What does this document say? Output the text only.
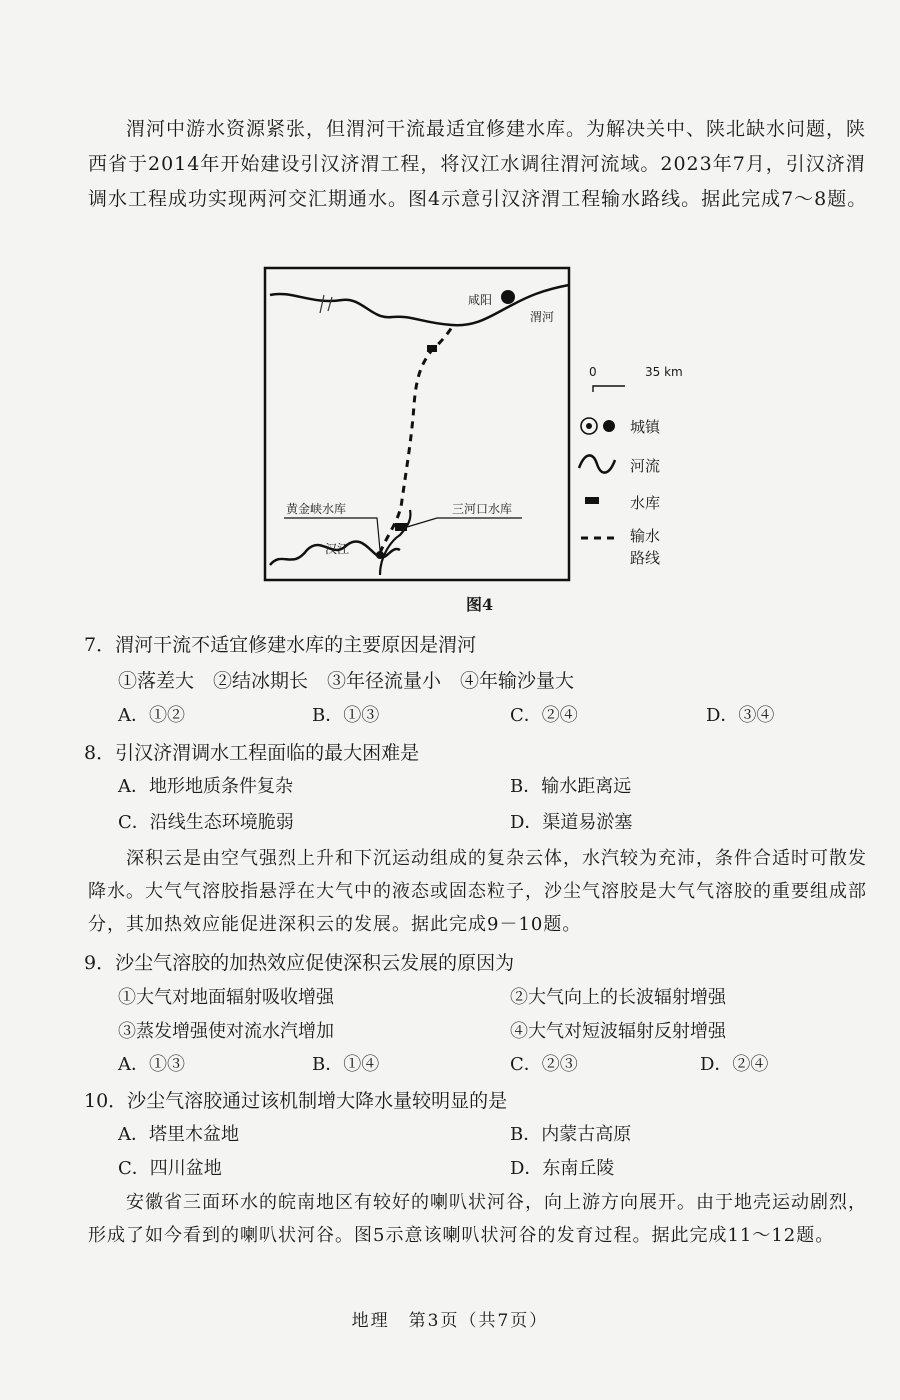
渭河中游水资源紧张，但渭河干流最适宜修建水库。为解决关中、陕北缺水问题，陕西省于2014年开始建设引汉济渭工程，将汉江水调往渭河流域。2023年7月，引汉济渭调水工程成功实现两河交汇期通水。图4示意引汉济渭工程输水路线。据此完成7～8题。

咸阳
渭河
汉江
黄金峡水库	三河口水库
0	35 km
城镇
河流
水库
输水路线
图4

7．渭河干流不适宜修建水库的主要原因是渭河

①落差大　②结冰期长　③年径流量小　④年输沙量大
A．①②	B．①③	C．②④	D．③④

8．引汉济渭调水工程面临的最大困难是

A．地形地质条件复杂	B．输水距离远
C．沿线生态环境脆弱	D．渠道易淤塞

深积云是由空气强烈上升和下沉运动组成的复杂云体，水汽较为充沛，条件合适时可散发降水。大气气溶胶指悬浮在大气中的液态或固态粒子，沙尘气溶胶是大气气溶胶的重要组成部分，其加热效应能促进深积云的发展。据此完成9－10题。

9．沙尘气溶胶的加热效应促使深积云发展的原因为

①大气对地面辐射吸收增强	②大气向上的长波辐射增强
③蒸发增强使对流水汽增加	④大气对短波辐射反射增强
A．①③	B．①④	C．②③	D．②④

10．沙尘气溶胶通过该机制增大降水量较明显的是

A．塔里木盆地	B．内蒙古高原
C．四川盆地	D．东南丘陵

安徽省三面环水的皖南地区有较好的喇叭状河谷，向上游方向展开。由于地壳运动剧烈，形成了如今看到的喇叭状河谷。图5示意该喇叭状河谷的发育过程。据此完成11～12题。

地理　第3页（共7页）
